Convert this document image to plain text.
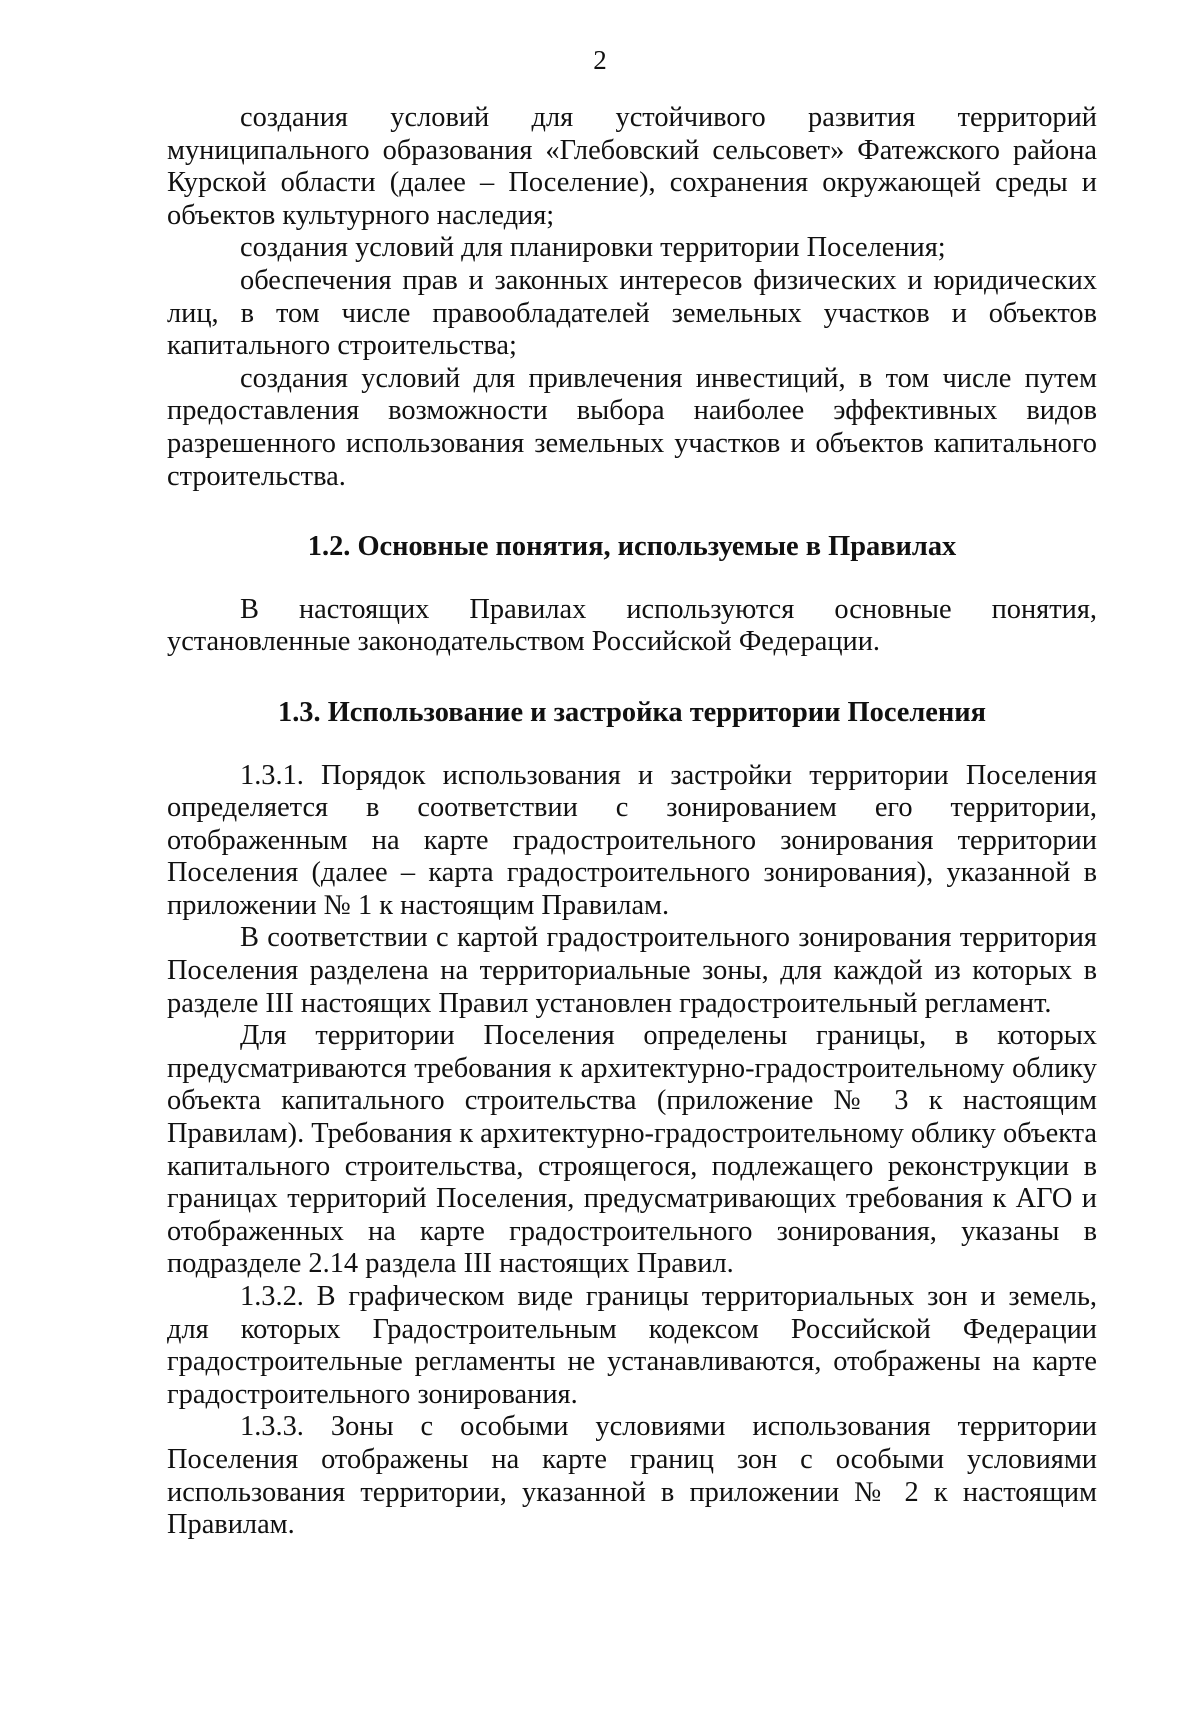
2

создания условий для устойчивого развития территорий муниципального образования «Глебовский сельсовет» Фатежского района Курской области (далее – Поселение), сохранения окружающей среды и объектов культурного наследия;

создания условий для планировки территории Поселения;

обеспечения прав и законных интересов физических и юридических лиц, в том числе правообладателей земельных участков и объектов капитального строительства;

создания условий для привлечения инвестиций, в том числе путем предоставления возможности выбора наиболее эффективных видов разрешенного использования земельных участков и объектов капитального строительства.

1.2. Основные понятия, используемые в Правилах

В настоящих Правилах используются основные понятия, установленные законодательством Российской Федерации.

1.3. Использование и застройка территории Поселения

1.3.1. Порядок использования и застройки территории Поселения определяется в соответствии с зонированием его территории, отображенным на карте градостроительного зонирования территории Поселения (далее – карта градостроительного зонирования), указанной в приложении № 1 к настоящим Правилам.

В соответствии с картой градостроительного зонирования территория Поселения разделена на территориальные зоны, для каждой из которых в разделе III настоящих Правил установлен градостроительный регламент.

Для территории Поселения определены границы, в которых предусматриваются требования к архитектурно-градостроительному облику объекта капитального строительства (приложение № 3 к настоящим Правилам). Требования к архитектурно-градостроительному облику объекта капитального строительства, строящегося, подлежащего реконструкции в границах территорий Поселения, предусматривающих требования к АГО и отображенных на карте градостроительного зонирования, указаны в подразделе 2.14 раздела III настоящих Правил.

1.3.2. В графическом виде границы территориальных зон и земель, для которых Градостроительным кодексом Российской Федерации градостроительные регламенты не устанавливаются, отображены на карте градостроительного зонирования.

1.3.3. Зоны с особыми условиями использования территории Поселения отображены на карте границ зон с особыми условиями использования территории, указанной в приложении № 2 к настоящим Правилам.
